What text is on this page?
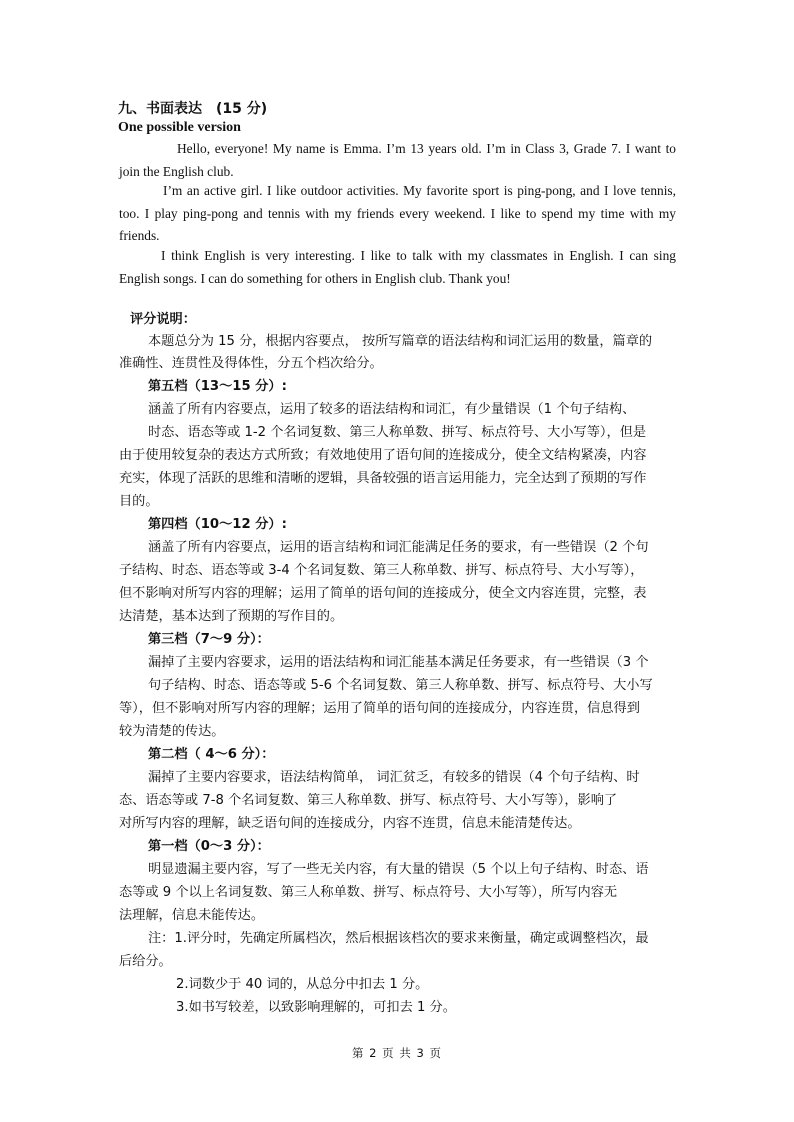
九、书面表达　(15 分)
One possible version
Hello, everyone! My name is Emma. I’m 13 years old. I’m in Class 3, Grade 7. I want to join the English club.
I’m an active girl. I like outdoor activities. My favorite sport is ping-pong, and I love tennis, too. I play ping-pong and tennis with my friends every weekend. I like to spend my time with my friends.
I think English is very interesting. I like to talk with my classmates in English. I can sing English songs. I can do something for others in English club. Thank you!
评分说明：
本题总分为 15 分，根据内容要点， 按所写篇章的语法结构和词汇运用的数量，篇章的
准确性、连贯性及得体性，分五个档次给分。
第五档（13～15 分）:
涵盖了所有内容要点，运用了较多的语法结构和词汇，有少量错误（1 个句子结构、
时态、语态等或 1-2 个名词复数、第三人称单数、拼写、标点符号、大小写等），但是
由于使用较复杂的表达方式所致；有效地使用了语句间的连接成分，使全文结构紧凑，内容
充实，体现了活跃的思维和清晰的逻辑，具备较强的语言运用能力，完全达到了预期的写作
目的。
第四档（10～12 分）:
涵盖了所有内容要点，运用的语言结构和词汇能满足任务的要求，有一些错误（2 个句
子结构、时态、语态等或 3-4 个名词复数、第三人称单数、拼写、标点符号、大小写等），
但不影响对所写内容的理解；运用了简单的语句间的连接成分，使全文内容连贯，完整，表
达清楚，基本达到了预期的写作目的。
第三档（7～9 分）：
漏掉了主要内容要求，运用的语法结构和词汇能基本满足任务要求，有一些错误（3 个
句子结构、时态、语态等或 5-6 个名词复数、第三人称单数、拼写、标点符号、大小写
等），但不影响对所写内容的理解；运用了简单的语句间的连接成分，内容连贯，信息得到
较为清楚的传达。
第二档（ 4～6 分）：
漏掉了主要内容要求，语法结构简单， 词汇贫乏，有较多的错误（4 个句子结构、时
态、语态等或 7-8 个名词复数、第三人称单数、拼写、标点符号、大小写等），影响了
对所写内容的理解，缺乏语句间的连接成分，内容不连贯，信息未能清楚传达。
第一档（0～3 分）：
明显遗漏主要内容，写了一些无关内容，有大量的错误（5 个以上句子结构、时态、语
态等或 9 个以上名词复数、第三人称单数、拼写、标点符号、大小写等），所写内容无
法理解，信息未能传达。
注：1.评分时，先确定所属档次，然后根据该档次的要求来衡量，确定或调整档次，最
后给分。
2.词数少于 40 词的，从总分中扣去 1 分。
3.如书写较差，以致影响理解的，可扣去 1 分。
第 2 页 共 3 页
